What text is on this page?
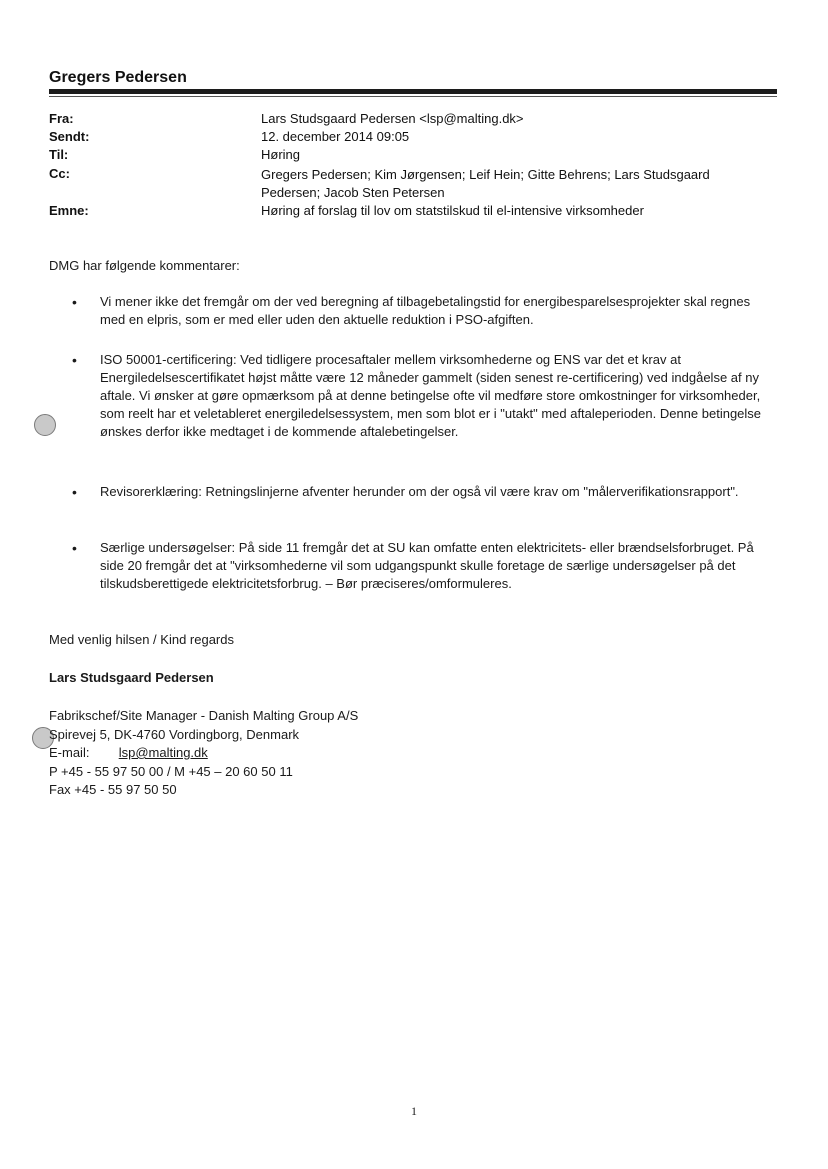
Gregers Pedersen
Fra:	Lars Studsgaard Pedersen <lsp@malting.dk>
Sendt:	12. december 2014 09:05
Til:	Høring
Cc:	Gregers Pedersen; Kim Jørgensen; Leif Hein; Gitte Behrens; Lars Studsgaard Pedersen; Jacob Sten Petersen
Emne:	Høring af forslag til lov om statstilskud til el-intensive virksomheder
DMG har følgende kommentarer:
• Vi mener ikke det fremgår om der ved beregning af tilbagebetalingstid for energibesparelsesprojekter skal regnes med en elpris, som er med eller uden den aktuelle reduktion i PSO-afgiften.
• ISO 50001-certificering: Ved tidligere procesaftaler mellem virksomhederne og ENS var det et krav at Energiledelsescertifikatet højst måtte være 12 måneder gammelt (siden senest re-certificering) ved indgåelse af ny aftale. Vi ønsker at gøre opmærksom på at denne betingelse ofte vil medføre store omkostninger for virksomheder, som reelt har et veletableret energiledelsessystem, men som blot er i "utakt" med aftaleperioden. Denne betingelse ønskes derfor ikke medtaget i de kommende aftalebetingelser.
• Revisorerklæring: Retningslinjerne afventer herunder om der også vil være krav om "målerverifikationsrapport".
• Særlige undersøgelser: På side 11 fremgår det at SU kan omfatte enten elektricitets- eller brændselsforbruget. På side 20 fremgår det at "virksomhederne vil som udgangspunkt skulle foretage de særlige undersøgelser på det tilskudsberettigede elektricitetsforbrug. – Bør præciseres/omformuleres.
Med venlig hilsen / Kind regards
Lars Studsgaard Pedersen
Fabrikschef/Site Manager - Danish Malting Group A/S
Spirevej 5, DK-4760 Vordingborg, Denmark
E-mail: lsp@malting.dk
P +45 - 55 97 50 00 / M +45 – 20 60 50 11
Fax +45 - 55 97 50 50
1
